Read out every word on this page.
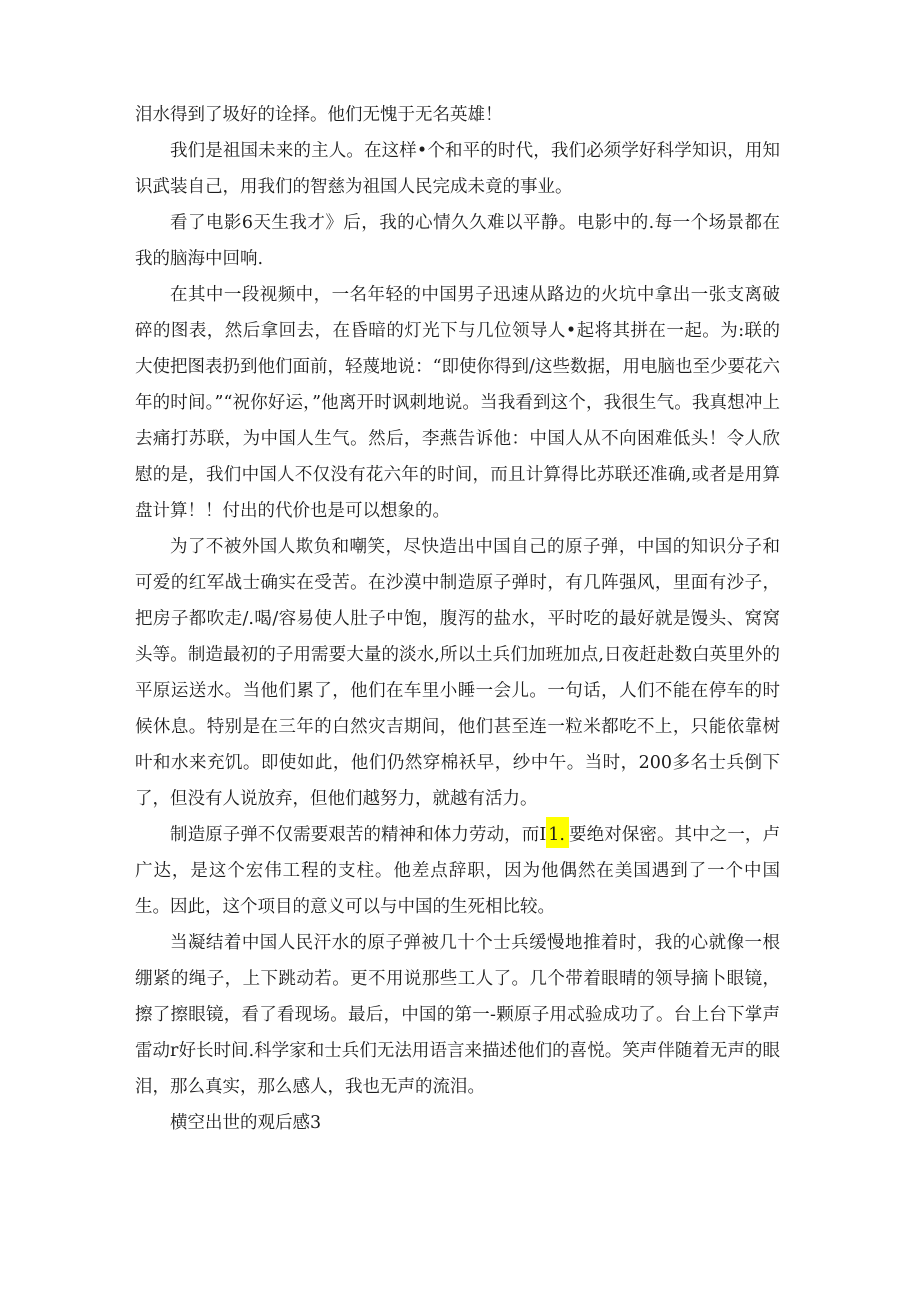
泪水得到了圾好的诠择。他们无愧于无名英雄！

我们是祖国未来的主人。在这样•个和平的时代，我们必须学好科学知识，用知识武装自己，用我们的智慈为祖国人民完成未竟的事业。

看了电影6天生我才》后，我的心情久久难以平静。电影中的.每一个场景都在我的脑海中回响.

在其中一段视频中，一名年轻的中国男子迅速从路边的火坑中拿出一张支离破碎的图表，然后拿回去，在昏暗的灯光下与几位领导人•起将其拼在一起。为:联的大使把图表扔到他们面前，轻蔑地说：“即使你得到/这些数据，用电脑也至少要花六年的时间。”“祝你好运，”他离开时讽刺地说。当我看到这个，我很生气。我真想冲上去痛打苏联，为中国人生气。然后，李燕告诉他：中国人从不向困难低头！令人欣慰的是，我们中国人不仅没有花六年的时间，而且计算得比苏联还准确,或者是用算盘计算！！付出的代价也是可以想象的。

为了不被外国人欺负和嘲笑，尽快造出中国自己的原子弹，中国的知识分子和可爱的红军战士确实在受苦。在沙漠中制造原子弹时，有几阵强风，里面有沙子，把房子都吹走/.喝/容易使人肚子中饱，腹泻的盐水，平时吃的最好就是馒头、窝窝头等。制造最初的子用需要大量的淡水,所以土兵们加班加点,日夜赶赴数白英里外的平原运送水。当他们累了，他们在车里小睡一会儿。一句话，人们不能在停车的时候休息。特别是在三年的白然灾吉期间，他们甚至连一粒米都吃不上，只能依靠树叶和水来充饥。即使如此，他们仍然穿棉袄早，纱中午。当时，200多名士兵倒下了，但没有人说放弃，但他们越努力，就越有活力。

制造原子弹不仅需要艰苦的精神和体力劳动，而I 1. 要绝对保密。其中之一，卢广达，是这个宏伟工程的支柱。他差点辞职，因为他偶然在美国遇到了一个中国生。因此，这个项目的意义可以与中国的生死相比较。

当凝结着中国人民汗水的原子弹被几十个士兵缓慢地推着时，我的心就像一根绷紧的绳子，上下跳动若。更不用说那些工人了。几个带着眼晴的领导摘卜眼镜，擦了擦眼镜，看了看现场。最后，中国的第一-颗原子用忒验成功了。台上台下掌声雷动r好长时间.科学家和士兵们无法用语言来描述他们的喜悦。笑声伴随着无声的眼泪，那么真实，那么感人，我也无声的流泪。

横空出世的观后感3
